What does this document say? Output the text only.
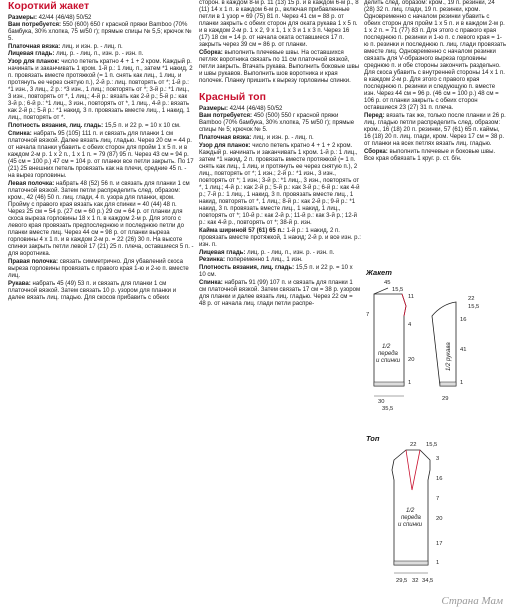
Короткий жакет

Размеры: 42/44 (46/48) 50/52

Вам потребуется: 550 (600) 650 г красной пряжи Bamboo (70% бамбука, 30% хлопка, 75 м/50 г); прямые спицы № 5,5; крючок № 5.

Платочная вязка: лиц. и изн. р. - лиц. п.

Лицевая гладь: лиц. р. - лиц. п., изн. р. - изн. п.

Узор для планок: число петель кратно 4 + 1 + 2 кром. Каждый р. начинать и заканчивать 1 кром. 1-й р.: 1 лиц. п., затем *1 накид, 2 п. провязать вместе протяжкой (= 1 п. снять как лиц., 1 лиц. и протянуть ее через снятую п.), 2-й р.: лиц. повторять от *; 1-й р.: *1 изн., 3 лиц., 2 р.: *3 изн., 1 лиц.; повторять от *; 3-й р.: *1 лиц., 3 изн., повторять от *, 1 лиц.; 4-й р.: вязать как 2-й р.; 5-й р.: как 3-й р.; 6-й р.: *1 лиц., 3 изн., повторять от *, 1 лиц., 4-й р.: вязать как 2-й р.; 5-й р.: *1 накид, 3 п. провязать вместе лиц., 1 накид, 1 лиц., повторять от *.

Плотность вязания, лиц. гладь: 15,5 п. и 22 р. = 10 x 10 см.

Спинка: набрать 95 (105) 111 п. и связать для планки 1 см платочной вязкой. Далее вязать лиц. гладью. Через 20 см = 44 р. от начала планки убавить с обеих сторон для пройм 1 x 5 п. и в каждом 2-м р. 1 x 2 п., 1 x 1 п. = 79 (87) 95 п. Через 43 см = 94 р. (45 см = 100 р.) 47 см = 104 р. от планки все петли закрыть. По 17 (21) 25 внешних петель провязать как на плечи, средние 45 п. - на вырез горловины.

Левая полочка: набрать 48 (52) 56 п. и связать для планки 1 см платочной вязкой. Затем петли распределить след. образом: кром., 42 (46) 50 п. лиц. глади, 4 п. узора для планки, кром. Пройму с правого края вязать как для спинки = 40 (44) 48 п. Через 25 см = 54 р. (27 см = 60 р.) 29 см = 64 р. от планки для скоса выреза горловины 18 x 1 п. в каждом 2-м р. Для этого с левого края провязать предпоследнюю и последнюю петли до планки вместе лиц. Через 44 см = 98 р. от планки выреза горловины 4 х 1 п. и в каждом 2-м р. = 22 (26) 30 п. На высоте спинки закрыть петли левой 17 (21) 25 п. плеча, оставшиеся 5 п. - для воротника.

Правая полочка: связать симметрично. Для убавлений скоса выреза горловины провязать с правого края 1-ю и 2-ю п. вместе лиц.

Рукава: набрать 45 (49) 53 п. и связать для планки 1 см платочной вязкой. Затем связать 10 р. узором для планки и далее вязать лиц. гладью. Для скосов прибавить с обеих

сторон. в каждом 8-м р. 11 (13) 15 р. и в каждом 6-м р., 8 (11) 14 x 1 п. в каждом 6-м р., включая прибавленные петли в 1 узор = 69 (75) 81 п. Через 41 см = 88 р. от планки закрыть с обеих сторон для оката рукава 1 x 5 п. и в каждом 2-м р. 1 x 2, 9 x 1, 1 x 3 и 1 x 3 п. Через 16 (17) 18 см = 14 р. от начала оката оставшиеся 17 п. закрыть через 39 см = 86 р. от планки.

Сборка: выполнить плечевые швы. На оставшихся петлях воротника связать по 11 см платочной вязкой, петли закрыть. Втачать рукава. Выполнить боковые швы и швы рукавов. Выполнить шов воротника и края полочек. Планку пришить к вырезу горловины спинки.

Красный топ

Размеры: 42/44 (46/48) 50/52

Вам потребуется: 450 (500) 550 г красной пряжи Bamboo (70% бамбука, 30% хлопка, 75 м/50 г); прямые спицы № 5; крючок № 5.

Платочная вязка: лиц. и изн. р. - лиц. п.

Узор для планок: число петель кратно 4 + 1 + 2 кром. Каждый р. начинать и заканчивать 1 кром. 1-й р.: 1 лиц., затем *1 накид, 2 п. провязать вместе протяжкой (= 1 п. снять как лиц., 1 лиц. и протянуть ее через снятую п.), 2 лиц., повторять от *; 1 изн.; 2-й р.: *1 изн., 3 изн., повторять от *; 1 изн.; 3-й р.: *1 лиц., 3 изн., повторять от *, 1 лиц.; 4-й р.: как 2-й р.; 5-й р.: как 3-й р.; 6-й р.: как 4-й р.; 7-й р.: 1 лиц., 1 накид, 3 п. провязать вместе лиц., 1 накид, повторять от *, 1 лиц.; 8-й р.: как 2-й р.; 9-й р.: *1 накид, 3 п. провязать вместе лиц., 1 накид, 1 лиц., повторять от *; 10-й р.: как 2-й р.; 11-й р.: как 3-й р.; 12-й р.: как 4-й р., повторять от *; 38-й р. изн.

Кайма шириной 57 (61) 65 п.: 1-й р.: 1 накид, 2 п. провязать вместе протяжкой, 1 накид; 2-й р. и все изн. р.: изн. п.

Лицевая гладь: лиц. р. - лиц. п., изн. р. - изн. п.

Резинка: попеременно 1 лиц., 1 изн.

Плотность вязания, лиц. гладь: 15,5 п. и 22 р. = 10 x 10 см.

Спинка: набрать 91 (99) 107 п. и связать для планки 1 см платочной вязкой. Затем связать 17 см = 38 р. узором для планки и далее вязать лиц. гладью. Через 22 см = 48 р. от начала лиц. глади петли распре-

делить след. образом: кром., 19 п. резинки, 24 (28) 32 п. лиц. глади, 19 п. резинки, кром. Одновременно с началом резинки убавить с обеих сторон для пройм 1 x 5 п. и в каждом 2-м р. 1 x 2 п. = 71 (77) 83 п. Для этого с правого края последнюю п. резинки и 1-ю п. с левого края = 1-ю п. резинки и последнюю п. лиц. глади провязать вместе лиц. Одновременно с началом резинки связать для V-образного выреза горловины среднюю п. и обе стороны закончить раздельно. Для скоса убавить с внутренней стороны 14 x 1 п. в каждом 2-м р. Для этого с правого края последнюю п. резинки и следующую п. вместе изн. Через 44 см = 96 р. (46 см = 100 р.) 48 см = 106 р. от планки закрыть с обеих сторон оставшиеся 23 (27) 31 п. плеча.

Перед: вязать так же, только после планки и 26 р. лиц. гладью петли распределить след. образом: кром., 16 (18) 20 п. резинки, 57 (61) 65 п. каймы, 16 (18) 20 п. лиц. глади, кром. Через 17 см = 38 р. от планки на всех петлях вязать лиц. гладью.

Сборка: выполнить плечевые и боковые швы. Все края обвязать 1 круг. р. ст. б/н.

Жакет
45
15,5
11
7
4
20
1
1/2
переда
и спинки
30
35,5
1/2 рукава
22
15,5
16
41
1
29
Топ
15,5
22
3
16
7
20
17
1
1/2
переда
и спинки
29,5 32 34,5
Страна Мам
